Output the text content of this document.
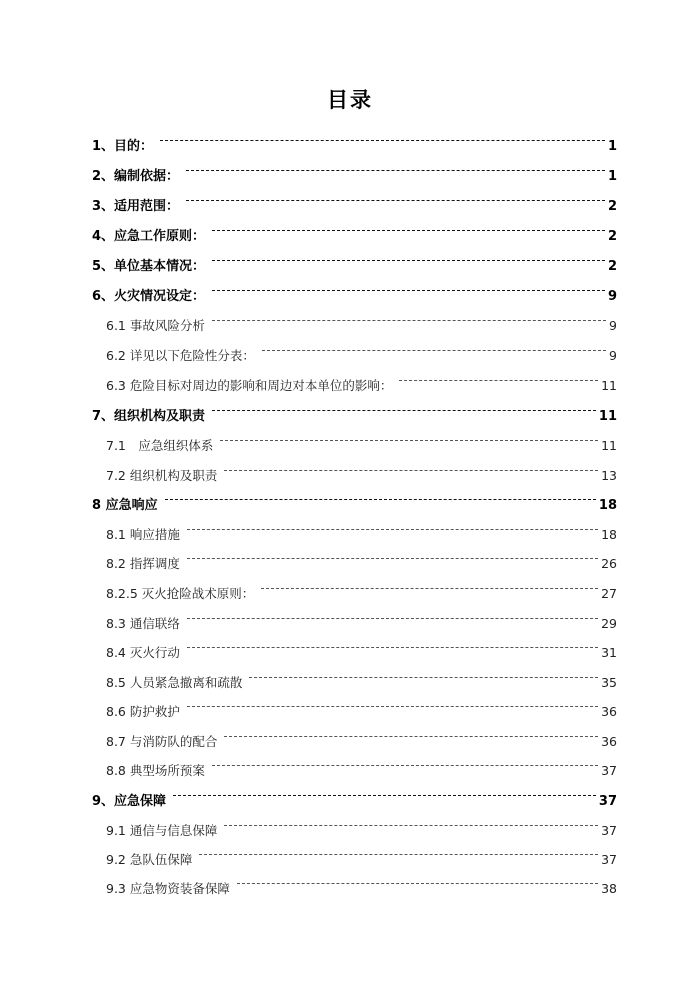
目录
1、目的：	1
2、编制依据：	1
3、适用范围：	2
4、应急工作原则：	2
5、单位基本情况：	2
6、火灾情况设定：	9
6.1 事故风险分析	9
6.2 详见以下危险性分表：	9
6.3 危险目标对周边的影响和周边对本单位的影响：	11
7、组织机构及职责	11
7.1　应急组织体系	11
7.2 组织机构及职责	13
8 应急响应	18
8.1 响应措施	18
8.2 指挥调度	26
8.2.5 灭火抢险战术原则：	27
8.3 通信联络	29
8.4 灭火行动	31
8.5 人员紧急撤离和疏散	35
8.6 防护救护	36
8.7 与消防队的配合	36
8.8 典型场所预案	37
9、应急保障	37
9.1 通信与信息保障	37
9.2 急队伍保障	37
9.3 应急物资装备保障	38
